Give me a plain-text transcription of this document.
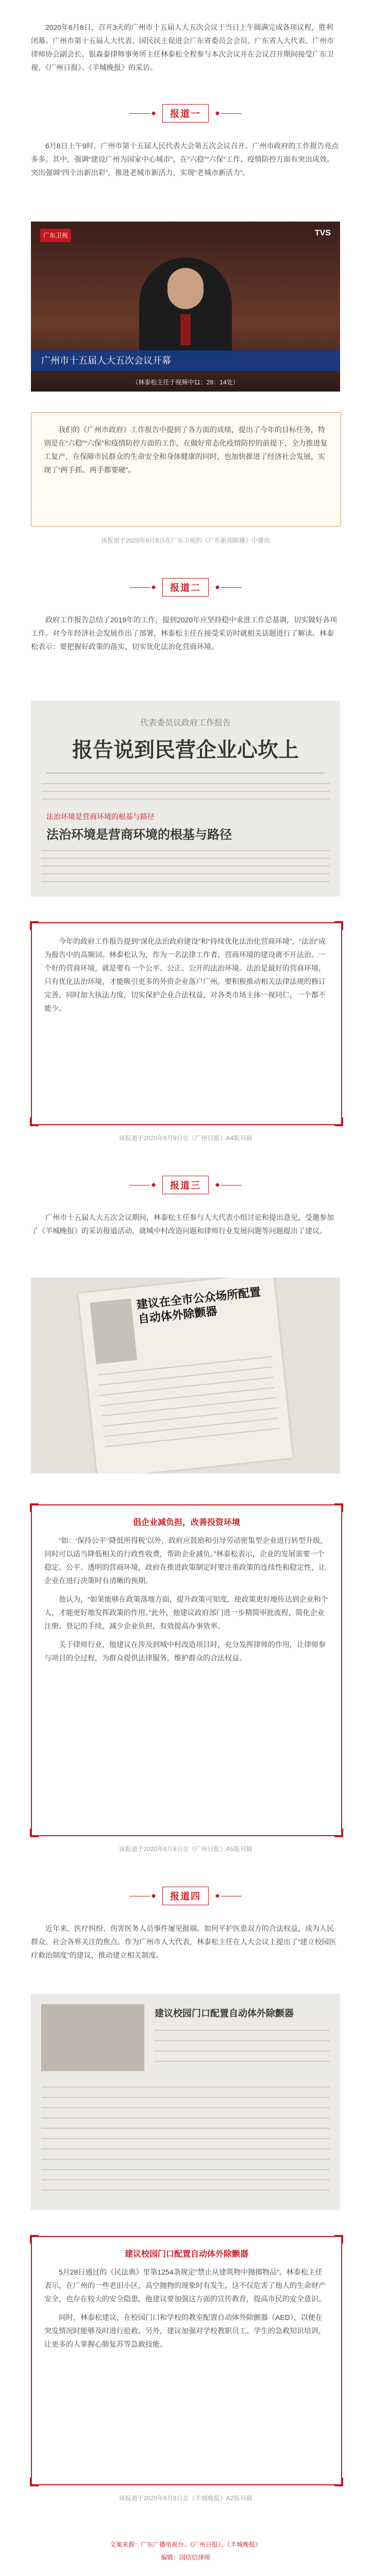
2020年6月8日，召开3天的广州市十五届人大五次会议于当日上午圆满完成各项议程，胜利闭幕。广州市第十五届人大代表、国民民主促进会广东省委员会会员、广东省人大代表、广州市律师协会副会长、银森泰律师事务所主任林泰松全程参与本次会议并在会议召开期间接受广东卫视、《广州日报》、《羊城晚报》的采访。
报道一
6月8日上午9时，广州市第十五届人民代表大会第五次会议召开。广州市政府的工作报告亮点多多。其中，强调“建设广州为国家中心城市”，在“六稳”“六保”工作、疫情防控方面有突出成效。突出强调“四个出新出彩”，推进老城市新活力，实现“老城市新活力”。
广东卫视	TVS
广州市十五届人大五次会议开幕
（林泰松主任于视频中11：28：14处）
我们的《广州市政府》工作报告中提到了各方面的成绩，提出了今年的目标任务，特别是在“六稳”“六保”和疫情防控方面的工作，在做好常态化疫情防控的前提下，全力推进复工复产，在保障市民群众的生命安全和身体健康的同时，也加快推进了经济社会发展，实现了“两手抓、两手都要硬”。
该报道于2020年6月8日在广东卫视的《广东新闻联播》中播出
报道二
政府工作报告总结了2019年的工作，提到2020年应坚持稳中求进工作总基调，切实做好各项工作。对今年经济社会发展作出了部署，林泰松主任在接受采访时就相关话题进行了解读。林泰松表示：要把握好政策的落实，切实优化法治化营商环境。
代表委员议政府工作报告
报告说到民营企业心坎上
法治环境是营商环境的根基与路径
法治环境是营商环境的根基与路径
今年的政府工作报告提到“深化法治政府建设”和“持续优化法治化营商环境”，“法治”成为报告中的高频词。林泰松认为，作为一名法律工作者，营商环境的建设离不开法治。一个好的营商环境，就是要有一个公平、公正、公开的法治环境。法治是最好的营商环境，只有优化法治环境，才能吸引更多的外资企业落户广州。要积极推动相关法律法规的修订完善，同时加大执法力度，切实保护企业合法权益，对各类市场主体一视同仁，一个都不能少。
该报道于2020年6月9日在《广州日报》A4版刊载
报道三
广州市十五届人大五次会议期间，林泰松主任参与人大代表小组讨论和提出意见，受邀参加了《羊城晚报》的采访报道活动，就城中村改造问题和律师行业发展问题等问题提出了建议。
建议在全市公众场所配置自动体外除颤器
倡企业减负担，改善投资环境
“如：‘保持公平’‘降低所得税’以外，政府应鼓励和引导劳动密集型企业进行转型升级，同时可以适当降低相关的行政性收费，帮助企业减负。”林泰松表示，企业的发展需要一个稳定、公平、透明的营商环境，政府在推进政策制定时要注重政策的连续性和稳定性，让企业在进行决策时有清晰的预期。
他认为，“如果能够在政策落地方面，提升政策可知度，使政策更好地传达到企业和个人，才能更好地发挥政策的作用。”此外，他建议政府部门进一步精简审批流程，简化企业注册、登记的手续，减少企业负担，有效提高办事效率。
关于律师行业，他建议在涉及到城中村改造项目时，充分发挥律师的作用，让律师参与项目的全过程，为群众提供法律服务，维护群众的合法权益。
该报道于2020年6月8日在《广州日报》A5版刊载
报道四
近年来，医疗纠纷、伤害医务人员事件屡见报端。如何平护医患双方的合法权益，成为人民群众、社会各界关注的焦点。作为广州市人大代表，林泰松主任在人大会议上提出了“建立校园医疗救治制度”的建议，推动建立相关制度。
建议校园门口配置自动体外除颤器
建议校园门口配置自动体外除颤器
5月28日通过的《民法典》里第1254条规定“禁止从建筑物中抛掷物品”。林泰松主任表示，在广州的一些老旧小区，高空抛物的现象时有发生，这不仅危害了他人的生命财产安全，也存在较大的安全隐患，他建议要加强这方面的宣传教育，提高市民的安全意识。
同时，林泰松建议，在校园门口和学校的教室配置自动体外除颤器（AED），以便在突发情况时能够及时进行抢救。另外，建议加强对学校教职员工、学生的急救知识培训，让更多的人掌握心肺复苏等急救技能。
该报道于2020年6月8日在《羊城晚报》A2版刊载
文案来源：广东广播电视台、《广州日报》、《羊城晚报》
编辑：国信信律师
